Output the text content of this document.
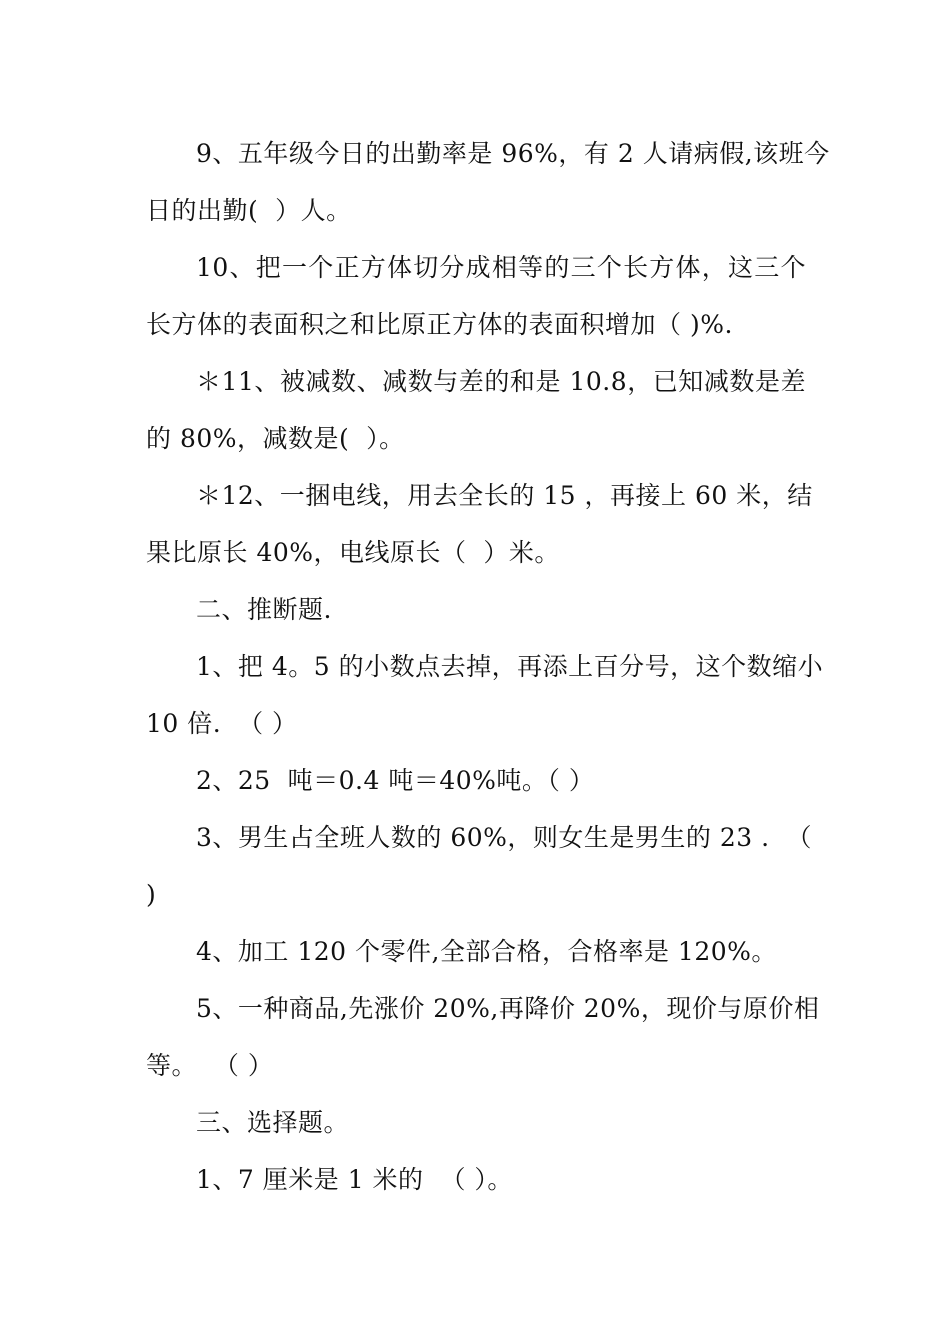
9、五年级今日的出勤率是 96%，有 2 人请病假,该班今
日的出勤(  ）人。
10、把一个正方体切分成相等的三个长方体，这三个
长方体的表面积之和比原正方体的表面积增加（ )%.
＊11、被减数、减数与差的和是 10.8，已知减数是差
的 80%，减数是(  ）。
＊12、一捆电线，用去全长的 15 ，再接上 60 米，结
果比原长 40%，电线原长（  ）米。
二、推断题.
1、把 4。5 的小数点去掉，再添上百分号，这个数缩小
10 倍.  （ ）
2、25  吨＝0.4 吨＝40%吨。（ ）
3、男生占全班人数的 60%，则女生是男生的 23 .  （
)
4、加工 120 个零件,全部合格，合格率是 120%。
5、一种商品,先涨价 20%,再降价 20%，现价与原价相
等。  （ ）
三、选择题。
1、7 厘米是 1 米的  （ ）。
